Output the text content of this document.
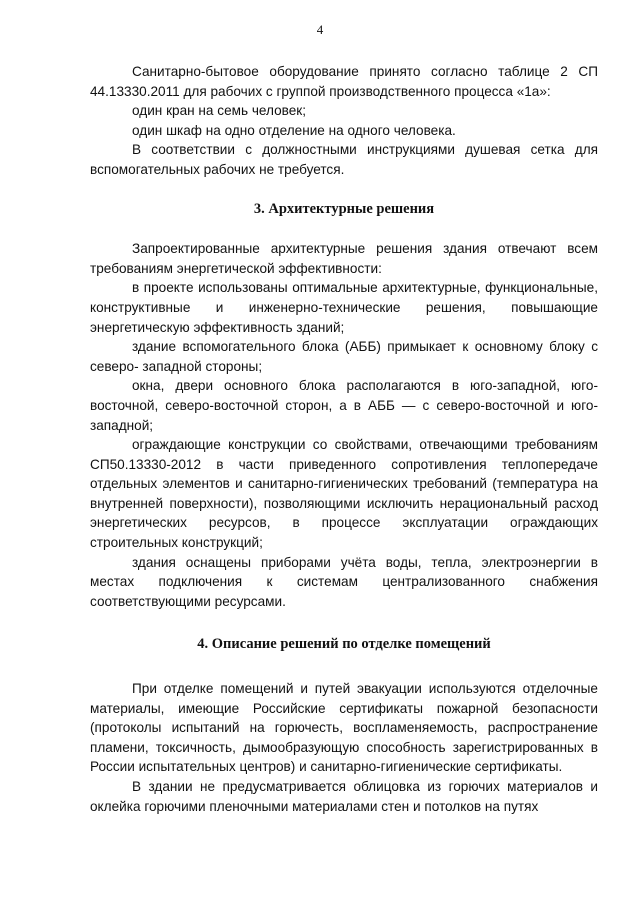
4

Санитарно-бытовое оборудование принято согласно таблице 2 СП 44.13330.2011 для рабочих с группой производственного процесса «1а»:

один кран на семь человек;

один шкаф на одно отделение на одного человека.

В соответствии с должностными инструкциями душевая сетка для вспомогательных рабочих не требуется.

3. Архитектурные решения

Запроектированные архитектурные решения здания отвечают всем требованиям энергетической эффективности:

в проекте использованы оптимальные архитектурные, функциональные, конструктивные и инженерно-технические решения, повышающие энергетическую эффективность зданий;

здание вспомогательного блока (АББ) примыкает к основному блоку с северо- западной стороны;

окна, двери основного блока располагаются в юго-западной, юго-восточной, северо-восточной сторон, а в АББ — с северо-восточной и юго-западной;

ограждающие конструкции со свойствами, отвечающими требованиям СП50.13330-2012 в части приведенного сопротивления теплопередаче отдельных элементов и санитарно-гигиенических требований (температура на внутренней поверхности), позволяющими исключить нерациональный расход энергетических ресурсов, в процессе эксплуатации ограждающих строительных конструкций;

здания оснащены приборами учёта воды, тепла, электроэнергии в местах подключения к системам централизованного снабжения соответствующими ресурсами.

4. Описание решений по отделке помещений

При отделке помещений и путей эвакуации используются отделочные материалы, имеющие Российские сертификаты пожарной безопасности (протоколы испытаний на горючесть, воспламеняемость, распространение пламени, токсичность, дымообразующую способность зарегистрированных в России испытательных центров) и санитарно-гигиенические сертификаты.

В здании не предусматривается облицовка из горючих материалов и оклейка горючими пленочными материалами стен и потолков на путях
